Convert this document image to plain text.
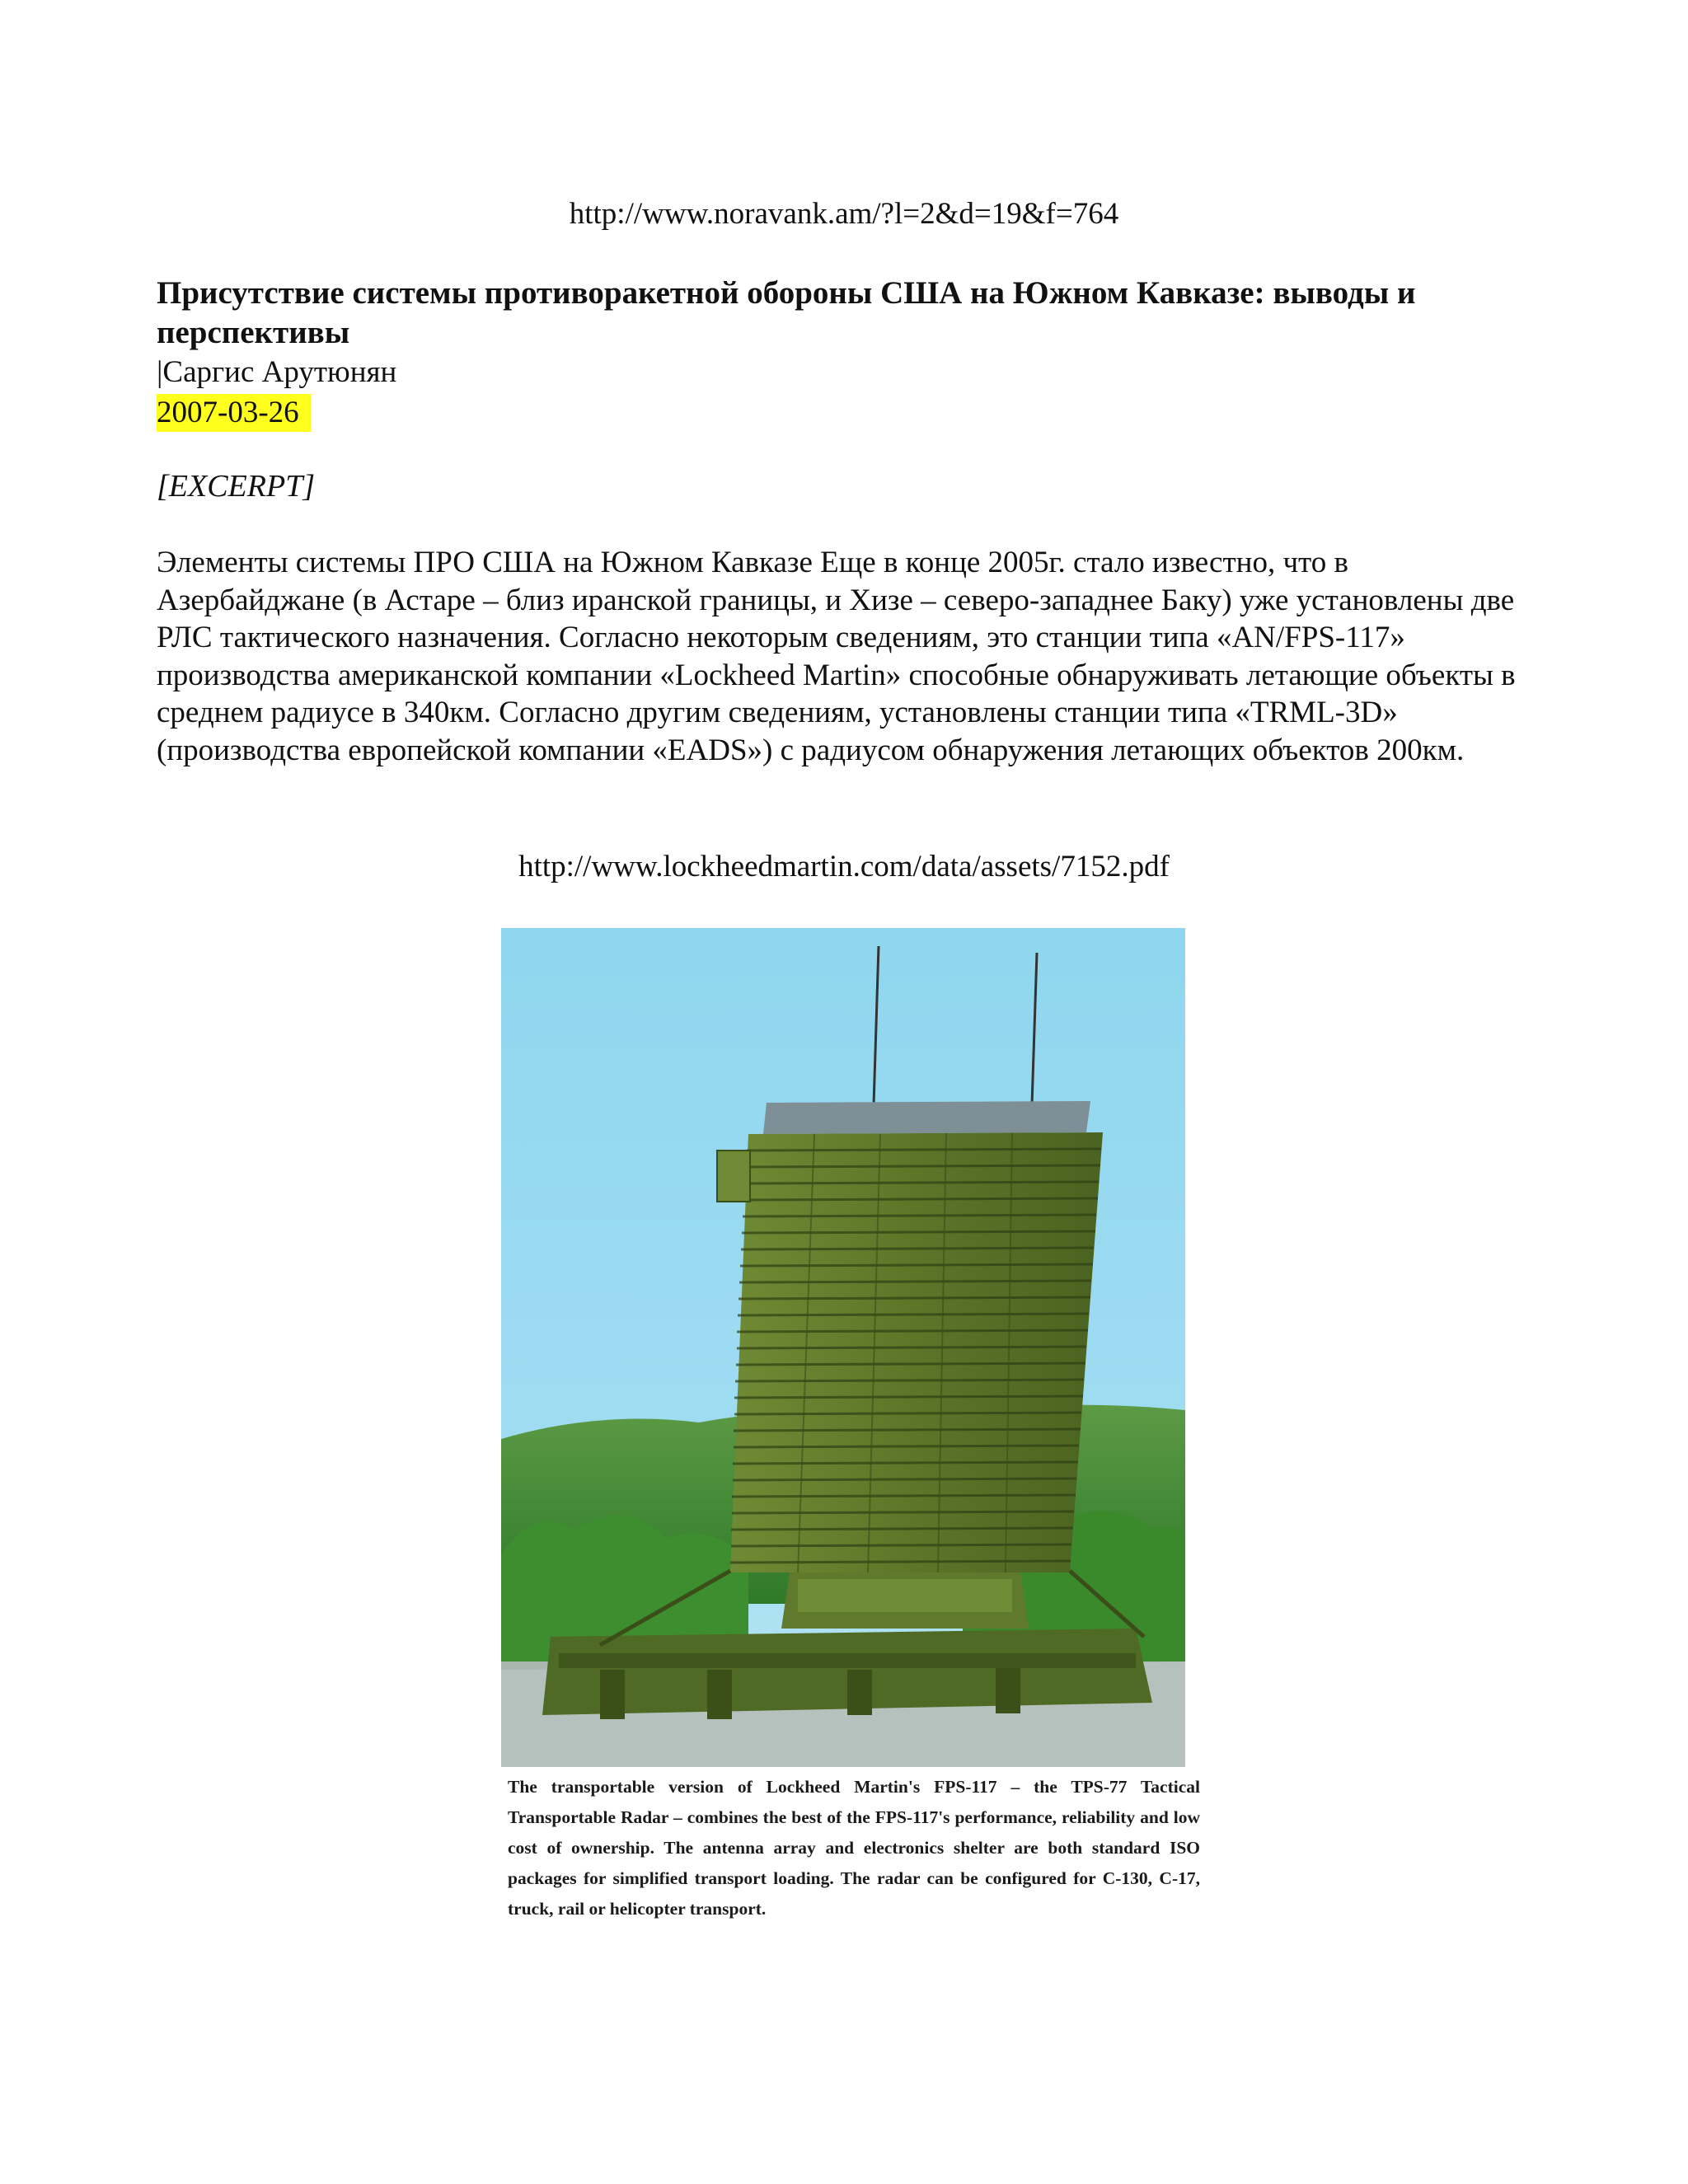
http://www.noravank.am/?l=2&d=19&f=764
Присутствие системы противоракетной обороны США на Южном Кавказе: выводы и перспективы
|Саргис Арутюнян
2007-03-26
[EXCERPT]

Элементы системы ПРО США на Южном Кавказе Еще в конце 2005г. стало известно, что в Азербайджане (в Астаре – близ иранской границы, и Хизе – северо-западнее Баку) уже установлены две РЛС тактического назначения. Согласно некоторым сведениям, это станции типа «AN/FPS-117» производства американской компании «Lockheed Martin» способные обнаруживать летающие объекты в среднем радиусе в 340км. Согласно другим сведениям, установлены станции типа «TRML-3D» (производства европейской компании «EADS») с радиусом обнаружения летающих объектов 200км.

http://www.lockheedmartin.com/data/assets/7152.pdf
The transportable version of Lockheed Martin's FPS-117 – the TPS-77 Tactical Transportable Radar – combines the best of the FPS-117's performance, reliability and low cost of ownership. The antenna array and electronics shelter are both standard ISO packages for simplified transport loading. The radar can be configured for C-130, C-17, truck, rail or helicopter transport.
